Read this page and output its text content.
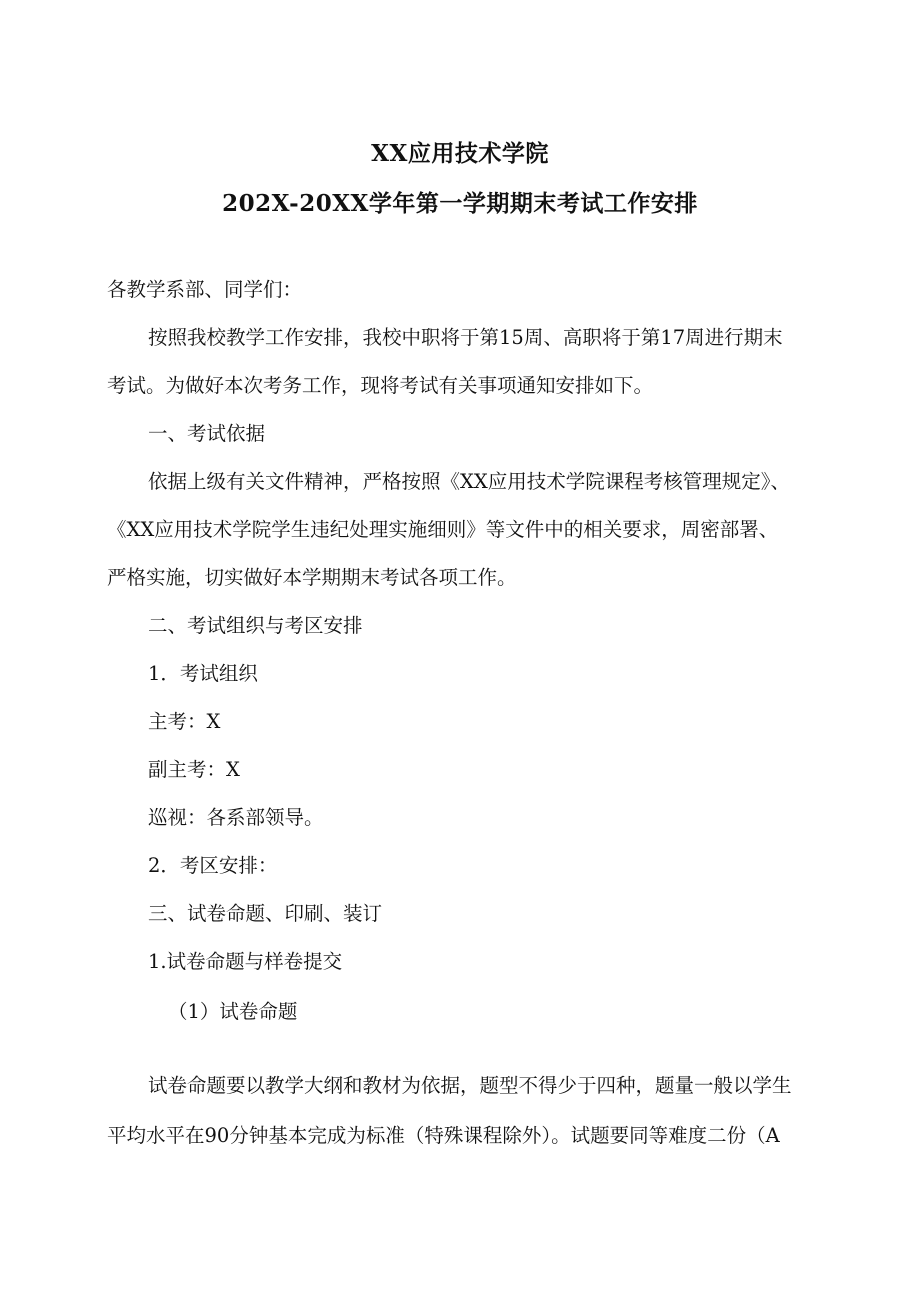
XX应用技术学院
202X-20XX学年第一学期期末考试工作安排

各教学系部、同学们：

按照我校教学工作安排，我校中职将于第15周、高职将于第17周进行期末

考试。为做好本次考务工作，现将考试有关事项通知安排如下。

一、考试依据

依据上级有关文件精神，严格按照《XX应用技术学院课程考核管理规定》、

《XX应用技术学院学生违纪处理实施细则》等文件中的相关要求，周密部署、

严格实施，切实做好本学期期末考试各项工作。

二、考试组织与考区安排

1．考试组织

主考：X

副主考：X

巡视：各系部领导。

2．考区安排：

三、试卷命题、印刷、装订

1.试卷命题与样卷提交

（1）试卷命题

试卷命题要以教学大纲和教材为依据，题型不得少于四种，题量一般以学生

平均水平在90分钟基本完成为标准（特殊课程除外）。试题要同等难度二份（A
